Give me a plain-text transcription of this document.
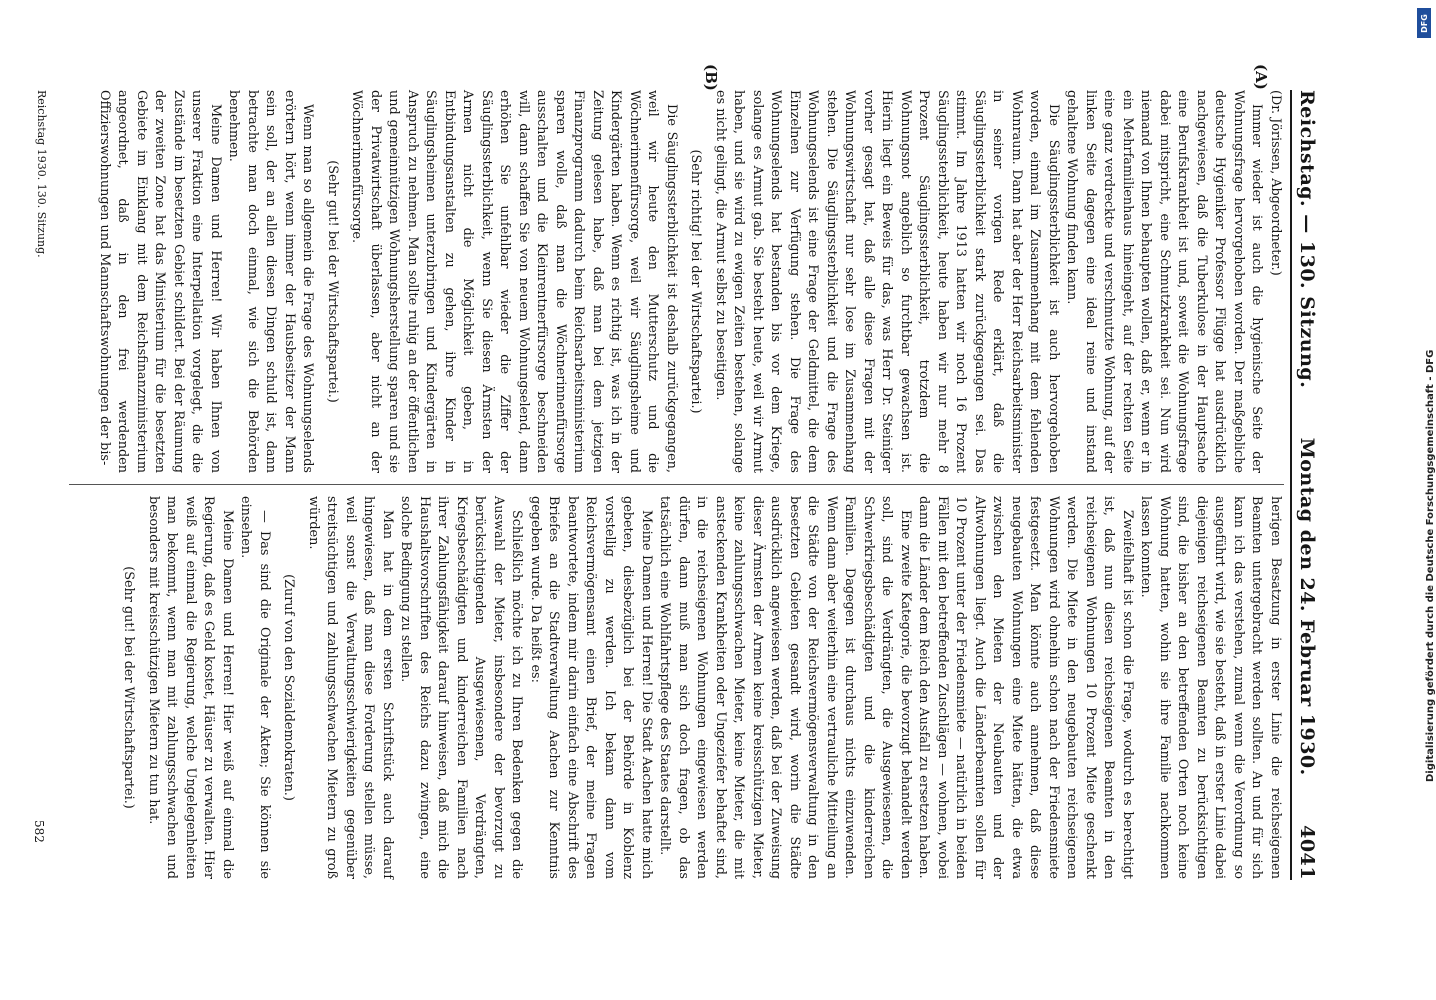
Reichstag. — 130. Sitzung.
Montag den 24. Februar 1930.
4041
(A)
(B)

(Dr. Jörissen, Abgeordneter.)

Immer wieder ist auch die hygienische Seite der Wohnungsfrage hervorgehoben worden. Der maßgebliche deutsche Hygieniker Professor Flügge hat ausdrücklich nachgewiesen, daß die Tuberkulose in der Hauptsache eine Berufskrankheit ist und, soweit die Wohnungsfrage dabei mitspricht, eine Schmutzkrankheit sei. Nun wird niemand von Ihnen behaupten wollen, daß er, wenn er in ein Mehrfamilienhaus hineingeht, auf der rechten Seite eine ganz verdreckte und verschmutzte Wohnung, auf der linken Seite dagegen eine ideal reine und instand gehaltene Wohnung finden kann.

Die Säuglingssterblichkeit ist auch hervorgehoben worden, einmal im Zusammenhang mit dem fehlenden Wohnraum. Dann hat aber der Herr Reichsarbeitsminister in seiner vorigen Rede erklärt, daß die Säuglingssterblichkeit stark zurückgegangen sei. Das stimmt. Im Jahre 1913 hatten wir noch 16 Prozent Säuglingssterblichkeit, heute haben wir nur mehr 8 Prozent Säuglingssterblichkeit, trotzdem die Wohnungsnot angeblich so furchtbar gewachsen ist. Hierin liegt ein Beweis für das, was Herr Dr. Steiniger vorher gesagt hat, daß alle diese Fragen mit der Wohnungswirtschaft nur sehr lose im Zusammenhang stehen. Die Säuglingssterblichkeit und die Frage des Wohnungselends ist eine Frage der Geldmittel, die dem Einzelnen zur Verfügung stehen. Die Frage des Wohnungselends hat bestanden bis vor dem Kriege, solange es Armut gab. Sie besteht heute, weil wir Armut haben, und sie wird zu ewigen Zeiten bestehen, solange es nicht gelingt, die Armut selbst zu beseitigen.

(Sehr richtig! bei der Wirtschaftspartei.)

Die Säuglingssterblichkeit ist deshalb zurückgegangen, weil wir heute den Mutterschutz und die Wöchnerinnenfürsorge, weil wir Säuglingsheime und Kindergärten haben. Wenn es richtig ist, was ich in der Zeitung gelesen habe, daß man bei dem jetzigen Finanzprogramm dadurch beim Reichsarbeitsministerium sparen wolle, daß man die Wöchnerinnenfürsorge ausschalten und die Kleinrentnerfürsorge beschneiden will, dann schaffen Sie von neuem Wohnungselend, dann erhöhen Sie unfehlbar wieder die Ziffer der Säuglingssterblichkeit, wenn Sie diesen Ärmsten der Armen nicht die Möglichkeit geben, in Entbindungsanstalten zu gehen, ihre Kinder in Säuglingsheimen unterzubringen und Kindergärten in Anspruch zu nehmen. Man sollte ruhig an der öffentlichen und gemeinnützigen Wohnungsherstellung sparen und sie der Privatwirtschaft überlassen, aber nicht an der Wöchnerinnenfürsorge.

(Sehr gut! bei der Wirtschaftspartei.)

Wenn man so allgemein die Frage des Wohnungselends erörtern hört, wenn immer der Hausbesitzer der Mann sein soll, der an allen diesen Dingen schuld ist, dann betrachte man doch einmal, wie sich die Behörden benehmen.

Meine Damen und Herren! Wir haben Ihnen von unserer Fraktion eine Interpellation vorgelegt, die die Zustände im besetzten Gebiet schildert. Bei der Räumung der zweiten Zone hat das Ministerium für die besetzten Gebiete im Einklang mit dem Reichsfinanzministerium angeordnet, daß in den frei werdenden Offizierswohnungen und Mannschaftswohnungen der bis-

herigen Besatzung in erster Linie die reichseigenen Beamten untergebracht werden sollten. An und für sich kann ich das verstehen, zumal wenn die Verordnung so ausgeführt wird, wie sie besteht, daß in erster Linie dabei diejenigen reichseigenen Beamten zu berücksichtigen sind, die bisher an den betreffenden Orten noch keine Wohnung hatten, wohin sie ihre Familie nachkommen lassen konnten.

Zweifelhaft ist schon die Frage, wodurch es berechtigt ist, daß nun diesen reichseigenen Beamten in den reichseigenen Wohnungen 10 Prozent Miete geschenkt werden. Die Miete in den neugebauten reichseigenen Wohnungen wird ohnehin schon nach der Friedensmiete festgesetzt. Man könnte auch annehmen, daß diese neugebauten Wohnungen eine Miete hätten, die etwa zwischen den Mieten der Neubauten und der Altwohnungen liegt. Auch die Länderbeamten sollen für 10 Prozent unter der Friedensmiete — natürlich in beiden Fällen mit den betreffenden Zuschlägen — wohnen, wobei dann die Länder dem Reich den Ausfall zu ersetzen haben.

Eine zweite Kategorie, die bevorzugt behandelt werden soll, sind die Verdrängten, die Ausgewiesenen, die Schwerkriegsbeschädigten und die kinderreichen Familien. Dagegen ist durchaus nichts einzuwenden. Wenn dann aber weiterhin eine vertrauliche Mitteilung an die Städte von der Reichsvermögensverwaltung in den besetzten Gebieten gesandt wird, worin die Städte ausdrücklich angewiesen werden, daß bei der Zuweisung dieser Ärmsten der Armen keine kreisschützigen Mieter, keine zahlungsschwachen Mieter, keine Mieter, die mit ansteckenden Krankheiten oder Ungeziefer behaftet sind, in die reichseigenen Wohnungen eingewiesen werden dürfen, dann muß man sich doch fragen, ob das tatsächlich eine Wohlfahrtspflege des Staates darstellt.

Meine Damen und Herren! Die Stadt Aachen hatte mich gebeten, diesbezüglich bei der Behörde in Koblenz vorstellig zu werden. Ich bekam dann vom Reichsvermögensamt einen Brief, der meine Fragen beantwortete, indem mir darin einfach eine Abschrift des Briefes an die Stadtverwaltung Aachen zur Kenntnis gegeben wurde. Da heißt es:

Schließlich möchte ich zu Ihren Bedenken gegen die Auswahl der Mieter, insbesondere der bevorzugt zu berücksichtigenden Ausgewiesenen, Verdrängten, Kriegsbeschädigten und kinderreichen Familien nach ihrer Zahlungsfähigkeit darauf hinweisen, daß mich die Haushaltsvorschriften des Reichs dazu zwingen, eine solche Bedingung zu stellen.

Man hat in dem ersten Schriftstück auch darauf hingewiesen, daß man diese Forderung stellen müsse, weil sonst die Verwaltungsschwierigkeiten gegenüber streitsüchtigen und zahlungsschwachen Mietern zu groß würden.

(Zuruf von den Sozialdemokraten.)

— Das sind die Originale der Akten; Sie können sie einsehen.

Meine Damen und Herren! Hier weiß auf einmal die Regierung, daß es Geld kostet, Häuser zu verwalten. Hier weiß auf einmal die Regierung, welche Ungelegenheiten man bekommt, wenn man mit zahlungsschwachen und besonders mit kreisschützigen Mietern zu tun hat.

(Sehr gut! bei der Wirtschaftspartei.)

Reichstag 1930. 130. Sitzung.
582
DFG
Digitalisierung gefördert durch die Deutsche Forschungsgemeinschaft - DFG
